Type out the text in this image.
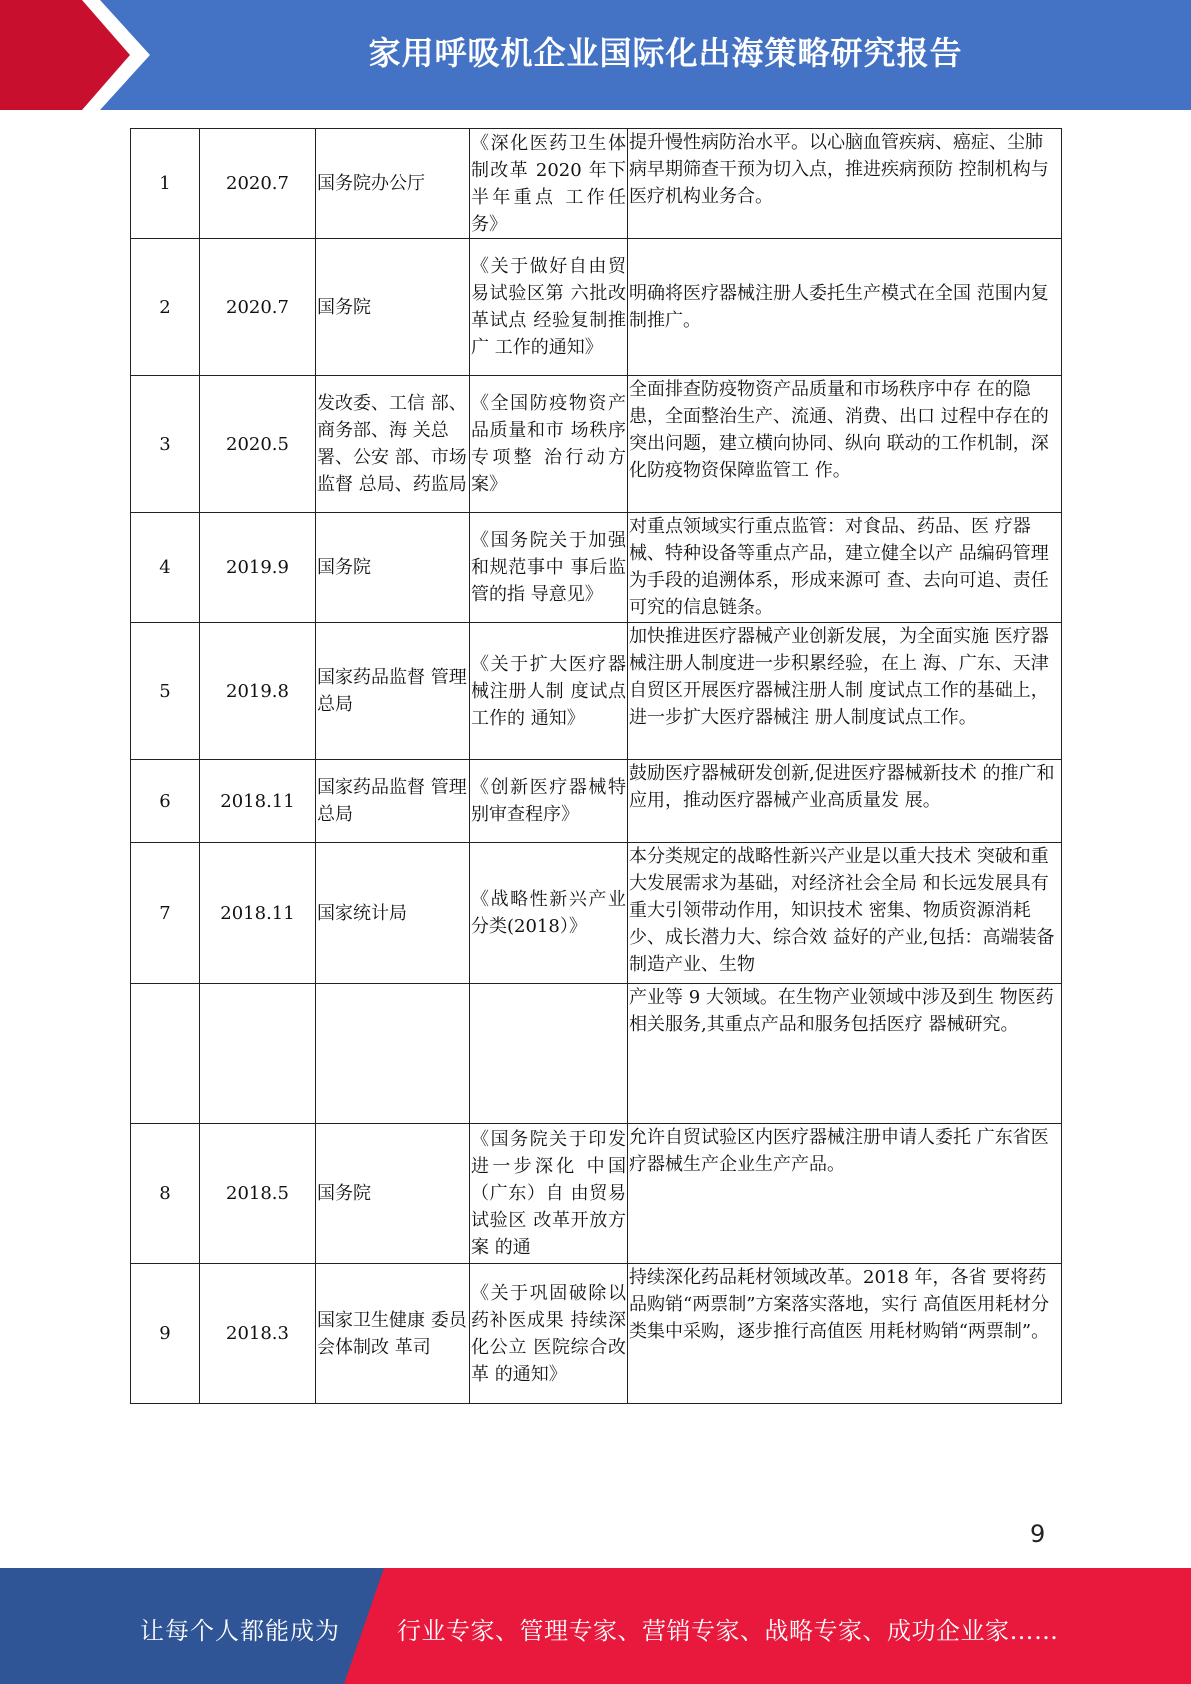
家用呼吸机企业国际化出海策略研究报告
1	2020.7	国务院办公厅	《深化医药卫生体制改革 2020 年下半年重点 工作任务》	提升慢性病防治水平。以心脑血管疾病、癌症、尘肺病早期筛查干预为切入点，推进疾病预防 控制机构与医疗机构业务合。
2	2020.7	国务院	《关于做好自由贸易试验区第 六批改革试点 经验复制推广 工作的通知》	明确将医疗器械注册人委托生产模式在全国 范围内复制推广。
3	2020.5	发改委、工信 部、商务部、海 关总署、公安 部、市场监督 总局、药监局	《全国防疫物资产品质量和市 场秩序专项整 治行动方案》	全面排查防疫物资产品质量和市场秩序中存 在的隐患，全面整治生产、流通、消费、出口 过程中存在的突出问题，建立横向协同、纵向 联动的工作机制，深化防疫物资保障监管工 作。
4	2019.9	国务院	《国务院关于加强和规范事中 事后监管的指 导意见》	对重点领域实行重点监管：对食品、药品、医 疗器械、特种设备等重点产品，建立健全以产 品编码管理为手段的追溯体系，形成来源可 查、去向可追、责任可究的信息链条。
5	2019.8	国家药品监督 管理总局	《关于扩大医疗器械注册人制 度试点工作的 通知》	加快推进医疗器械产业创新发展，为全面实施 医疗器械注册人制度进一步积累经验，在上 海、广东、天津自贸区开展医疗器械注册人制 度试点工作的基础上，进一步扩大医疗器械注 册人制度试点工作。
6	2018.11	国家药品监督 管理总局	《创新医疗器械特别审查程序》	鼓励医疗器械研发创新,促进医疗器械新技术 的推广和应用，推动医疗器械产业高质量发 展。
7	2018.11	国家统计局	《战略性新兴产业分类(2018）》	本分类规定的战略性新兴产业是以重大技术 突破和重大发展需求为基础，对经济社会全局 和长远发展具有重大引领带动作用，知识技术 密集、物质资源消耗少、成长潜力大、综合效 益好的产业,包括：高端装备制造产业、生物
				产业等 9 大领域。在生物产业领域中涉及到生 物医药相关服务,其重点产品和服务包括医疗 器械研究。
8	2018.5	国务院	《国务院关于印发进一步深化 中国（广东）自 由贸易试验区 改革开放方案 的通	允许自贸试验区内医疗器械注册申请人委托 广东省医疗器械生产企业生产产品。
9	2018.3	国家卫生健康 委员会体制改 革司	《关于巩固破除以药补医成果 持续深化公立 医院综合改革 的通知》	持续深化药品耗材领域改革。2018 年，各省 要将药品购销“两票制”方案落实落地，实行 高值医用耗材分类集中采购，逐步推行高值医 用耗材购销“两票制”。
9
让每个人都能成为 行业专家、管理专家、营销专家、战略专家、成功企业家……
